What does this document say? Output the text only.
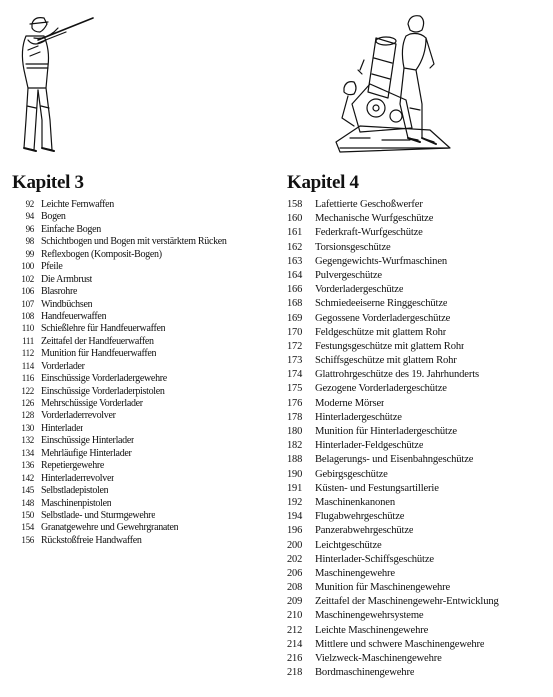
Kapitel 3
92 Leichte Fernwaffen
94 Bogen
96 Einfache Bogen
98 Schichtbogen und Bogen mit verstärktem Rücken
99 Reflexbogen (Komposit-Bogen)
100 Pfeile
102 Die Armbrust
106 Blasrohre
107 Windbüchsen
108 Handfeuerwaffen
110 Schießlehre für Handfeuerwaffen
111 Zeittafel der Handfeuerwaffen
112 Munition für Handfeuerwaffen
114 Vorderlader
116 Einschüssige Vorderladergewehre
122 Einschüssige Vorderladerpistolen
126 Mehrschüssige Vorderlader
128 Vorderladerrevolver
130 Hinterlader
132 Einschüssige Hinterlader
134 Mehrläufige Hinterlader
136 Repetiergewehre
142 Hinterladerrevolver
145 Selbstladepistolen
148 Maschinenpistolen
150 Selbstlade- und Sturmgewehre
154 Granatgewehre und Gewehrgranaten
156 Rückstoßfreie Handwaffen
Kapitel 4
158	Lafettierte Geschoßwerfer
160	Mechanische Wurfgeschütze
161	Federkraft-Wurfgeschütze
162	Torsionsgeschütze
163	Gegengewichts-Wurfmaschinen
164	Pulvergeschütze
166	Vorderladergeschütze
168	Schmiedeeiserne Ringgeschütze
169	Gegossene Vorderladergeschütze
170	Feldgeschütze mit glattem Rohr
172	Festungsgeschütze mit glattem Rohr
173	Schiffsgeschütze mit glattem Rohr
174	Glattrohrgeschütze des 19. Jahrhunderts
175	Gezogene Vorderladergeschütze
176	Moderne Mörser
178	Hinterladergeschütze
180	Munition für Hinterladergeschütze
182	Hinterlader-Feldgeschütze
188	Belagerungs- und Eisenbahngeschütze
190	Gebirgsgeschütze
191	Küsten- und Festungsartillerie
192	Maschinenkanonen
194	Flugabwehrgeschütze
196	Panzerabwehrgeschütze
200	Leichtgeschütze
202	Hinterlader-Schiffsgeschütze
206	Maschinengewehre
208	Munition für Maschinengewehre
209	Zeittafel der Maschinengewehr-Entwicklung
210	Maschinengewehrsysteme
212	Leichte Maschinengewehre
214	Mittlere und schwere Maschinengewehre
216	Vielzweck-Maschinengewehre
218	Bordmaschinengewehre
